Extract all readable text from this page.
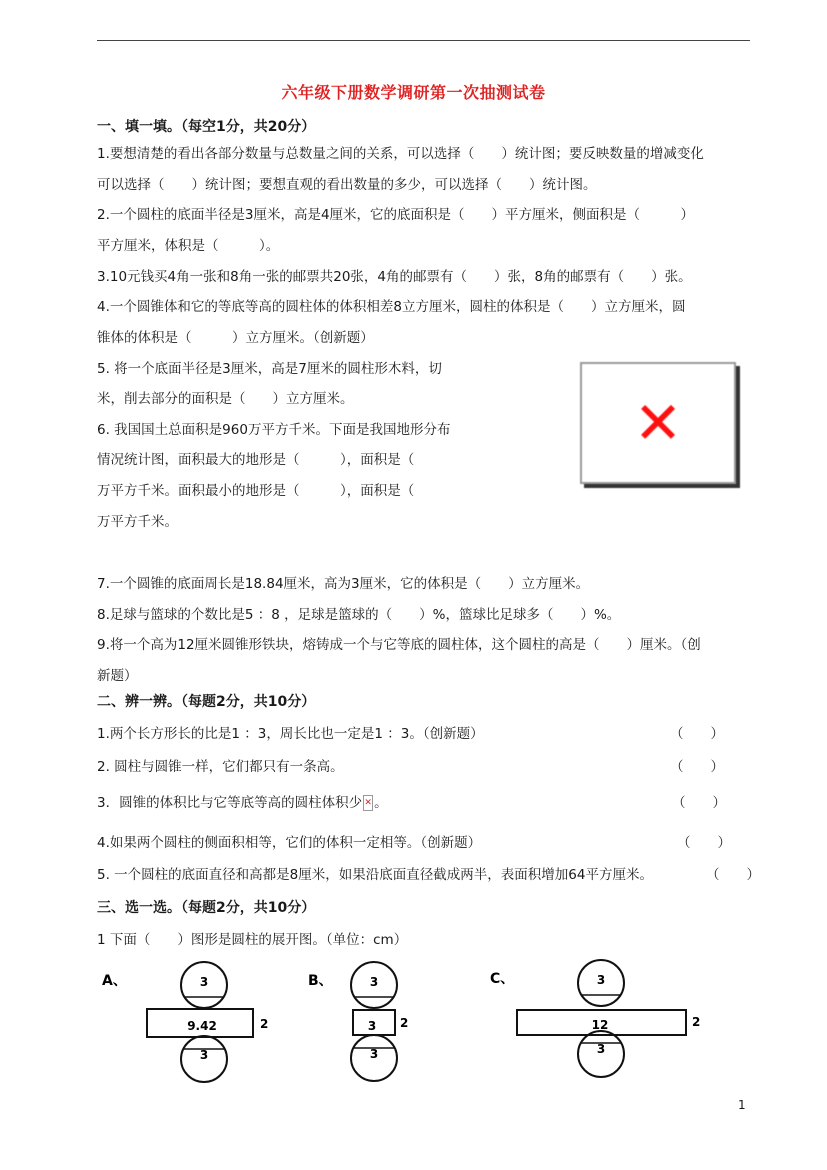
六年级下册数学调研第一次抽测试卷
一、填一填。（每空1分，共20分）
1.要想清楚的看出各部分数量与总数量之间的关系，可以选择（　　）统计图；要反映数量的增减变化
可以选择（　　）统计图；要想直观的看出数量的多少，可以选择（　　）统计图。
2.一个圆柱的底面半径是3厘米，高是4厘米，它的底面积是（　　）平方厘米，侧面积是（　　　）
平方厘米，体积是（　　　）。
3.10元钱买4角一张和8角一张的邮票共20张，4角的邮票有（　　）张，8角的邮票有（　　）张。
4.一个圆锥体和它的等底等高的圆柱体的体积相差8立方厘米，圆柱的体积是（　　）立方厘米，圆
锥体的体积是（　　　）立方厘米。（创新题）
5. 将一个底面半径是3厘米，高是7厘米的圆柱形木料，切
米，削去部分的面积是（　　）立方厘米。
6. 我国国土总面积是960万平方千米。下面是我国地形分布
情况统计图，面积最大的地形是（　　　），面积是（
万平方千米。面积最小的地形是（　　　），面积是（
万平方千米。
✕
7.一个圆锥的底面周长是18.84厘米，高为3厘米，它的体积是（　　）立方厘米。
8.足球与篮球的个数比是5 ：8 ，足球是篮球的（　　）%，篮球比足球多（　　）%。
9.将一个高为12厘米圆锥形铁块，熔铸成一个与它等底的圆柱体，这个圆柱的高是（　　）厘米。（创
新题）
二、辨一辨。（每题2分，共10分）
1.两个长方形长的比是1 ：3，周长比也一定是1 ：3。（创新题）	（　　）
2. 圆柱与圆锥一样，它们都只有一条高。	（　　）
3．圆锥的体积比与它等底等高的圆柱体积少 ✕ 。	（　　）
4.如果两个圆柱的侧面积相等，它们的体积一定相等。（创新题）	（　　）
5. 一个圆柱的底面直径和高都是8厘米，如果沿底面直径截成两半，表面积增加64平方厘米。	（　　）
三、选一选。（每题2分，共10分）
1 下面（　　）图形是圆柱的展开图。（单位：cm）
A、	3
9.42	2
3
B、	3
3 2
3
C、	3
12	2
3
1
